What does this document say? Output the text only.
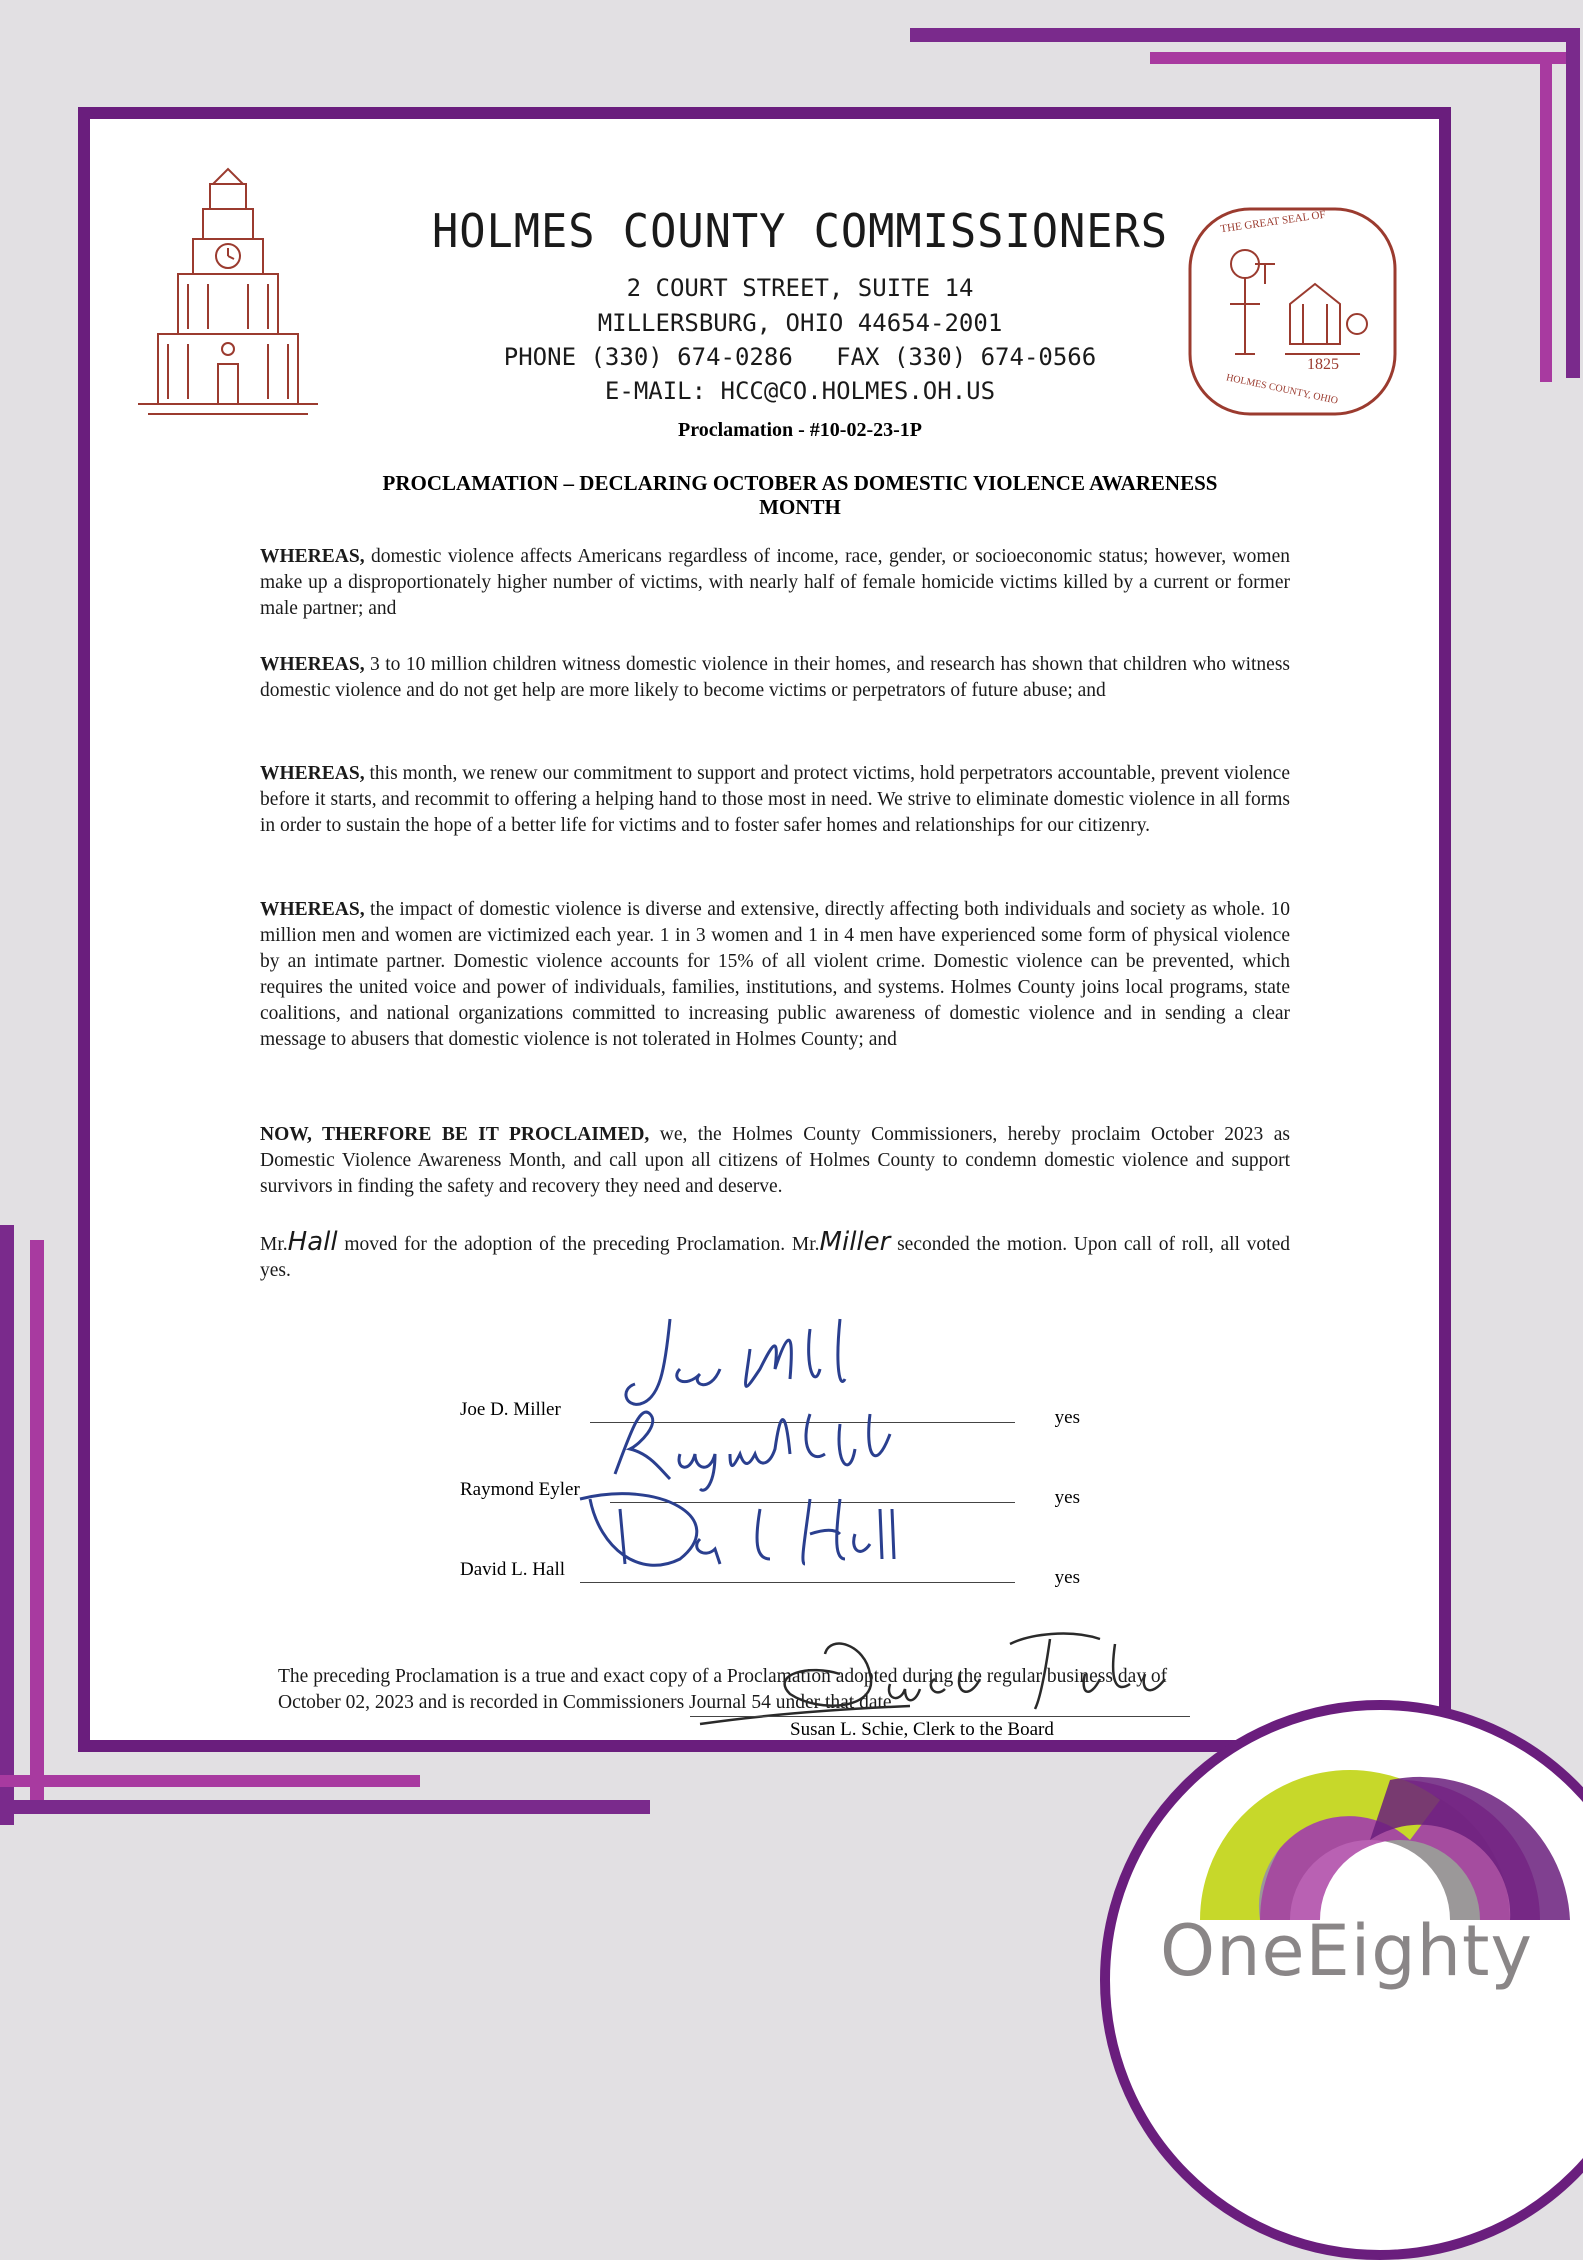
HOLMES COUNTY COMMISSIONERS
2 COURT STREET, SUITE 14
MILLERSBURG, OHIO 44654-2001
PHONE (330) 674-0286   FAX (330) 674-0566
E-MAIL: HCC@CO.HOLMES.OH.US
THE GREAT SEAL OF
1825
HOLMES COUNTY, OHIO
Proclamation - #10-02-23-1P
PROCLAMATION – DECLARING OCTOBER AS DOMESTIC VIOLENCE AWARENESS
MONTH
WHEREAS, domestic violence affects Americans regardless of income, race, gender, or socioeconomic status; however, women make up a disproportionately higher number of victims, with nearly half of female homicide victims killed by a current or former male partner; and
WHEREAS, 3 to 10 million children witness domestic violence in their homes, and research has shown that children who witness domestic violence and do not get help are more likely to become victims or perpetrators of future abuse; and
WHEREAS, this month, we renew our commitment to support and protect victims, hold perpetrators accountable, prevent violence before it starts, and recommit to offering a helping hand to those most in need. We strive to eliminate domestic violence in all forms in order to sustain the hope of a better life for victims and to foster safer homes and relationships for our citizenry.
WHEREAS, the impact of domestic violence is diverse and extensive, directly affecting both individuals and society as whole. 10 million men and women are victimized each year. 1 in 3 women and 1 in 4 men have experienced some form of physical violence by an intimate partner. Domestic violence accounts for 15% of all violent crime. Domestic violence can be prevented, which requires the united voice and power of individuals, families, institutions, and systems. Holmes County joins local programs, state coalitions, and national organizations committed to increasing public awareness of domestic violence and in sending a clear message to abusers that domestic violence is not tolerated in Holmes County; and
NOW, THERFORE BE IT PROCLAIMED, we, the Holmes County Commissioners, hereby proclaim October 2023 as Domestic Violence Awareness Month, and call upon all citizens of Holmes County to condemn domestic violence and support survivors in finding the safety and recovery they need and deserve.
Mr.Hall moved for the adoption of the preceding Proclamation. Mr.Miller seconded the motion. Upon call of roll, all voted yes.
Joe D. Miller	yes
Raymond Eyler	yes
David L. Hall	yes
The preceding Proclamation is a true and exact copy of a Proclamation adopted during the regular business day of October 02, 2023 and is recorded in Commissioners Journal 54 under that date.
Susan L. Schie, Clerk to the Board
OneEighty
